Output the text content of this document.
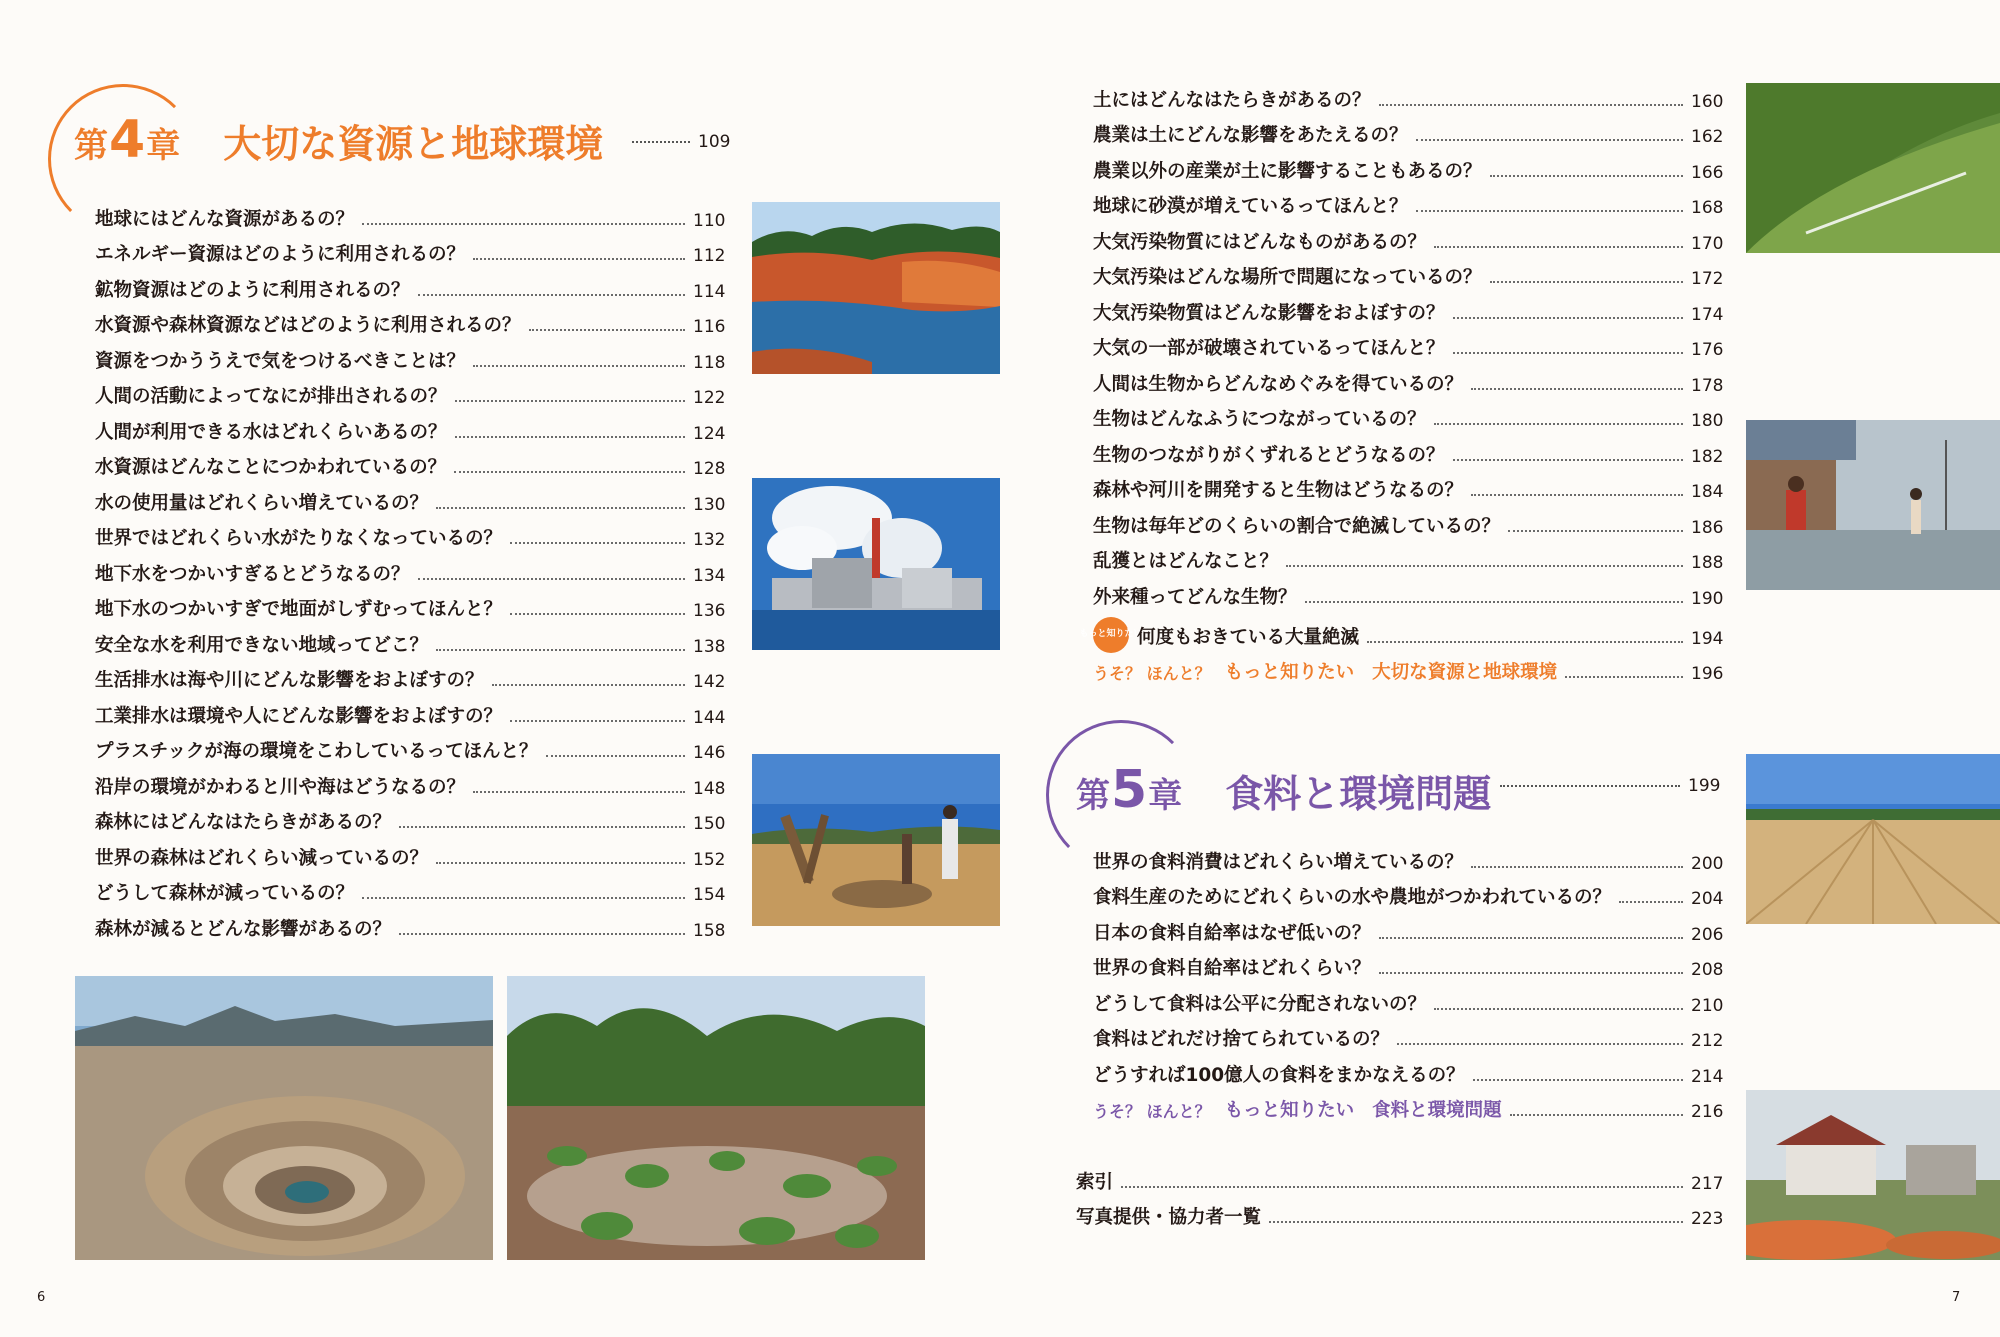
第4章 大切な資源と地球環境	109
地球にはどんな資源があるの？	110
エネルギー資源はどのように利用されるの？	112
鉱物資源はどのように利用されるの？	114
水資源や森林資源などはどのように利用されるの？	116
資源をつかううえで気をつけるべきことは？	118
人間の活動によってなにが排出されるの？	122
人間が利用できる水はどれくらいあるの？	124
水資源はどんなことにつかわれているの？	128
水の使用量はどれくらい増えているの？	130
世界ではどれくらい水がたりなくなっているの？	132
地下水をつかいすぎるとどうなるの？	134
地下水のつかいすぎで地面がしずむってほんと？	136
安全な水を利用できない地域ってどこ？	138
生活排水は海や川にどんな影響をおよぼすの？	142
工業排水は環境や人にどんな影響をおよぼすの？	144
プラスチックが海の環境をこわしているってほんと？	146
沿岸の環境がかわると川や海はどうなるの？	148
森林にはどんなはたらきがあるの？	150
世界の森林はどれくらい減っているの？	152
どうして森林が減っているの？	154
森林が減るとどんな影響があるの？	158
6
土にはどんなはたらきがあるの？	160
農業は土にどんな影響をあたえるの？	162
農業以外の産業が土に影響することもあるの？	166
地球に砂漠が増えているってほんと？	168
大気汚染物質にはどんなものがあるの？	170
大気汚染はどんな場所で問題になっているの？	172
大気汚染物質はどんな影響をおよぼすの？	174
大気の一部が破壊されているってほんと？	176
人間は生物からどんなめぐみを得ているの？	178
生物はどんなふうにつながっているの？	180
生物のつながりがくずれるとどうなるの？	182
森林や河川を開発すると生物はどうなるの？	184
生物は毎年どのくらいの割合で絶滅しているの？	186
乱獲とはどんなこと？	188
外来種ってどんな生物？	190
もっと知りたい
何度もおきている大量絶滅	194
うそ？ ほんと？ もっと知りたい 大切な資源と地球環境	196
第5章 食料と環境問題	199
世界の食料消費はどれくらい増えているの？	200
食料生産のためにどれくらいの水や農地がつかわれているの？	204
日本の食料自給率はなぜ低いの？	206
世界の食料自給率はどれくらい？	208
どうして食料は公平に分配されないの？	210
食料はどれだけ捨てられているの？	212
どうすれば100億人の食料をまかなえるの？	214
うそ？ ほんと？ もっと知りたい 食料と環境問題	216
索引	217
写真提供・協力者一覧	223
7
